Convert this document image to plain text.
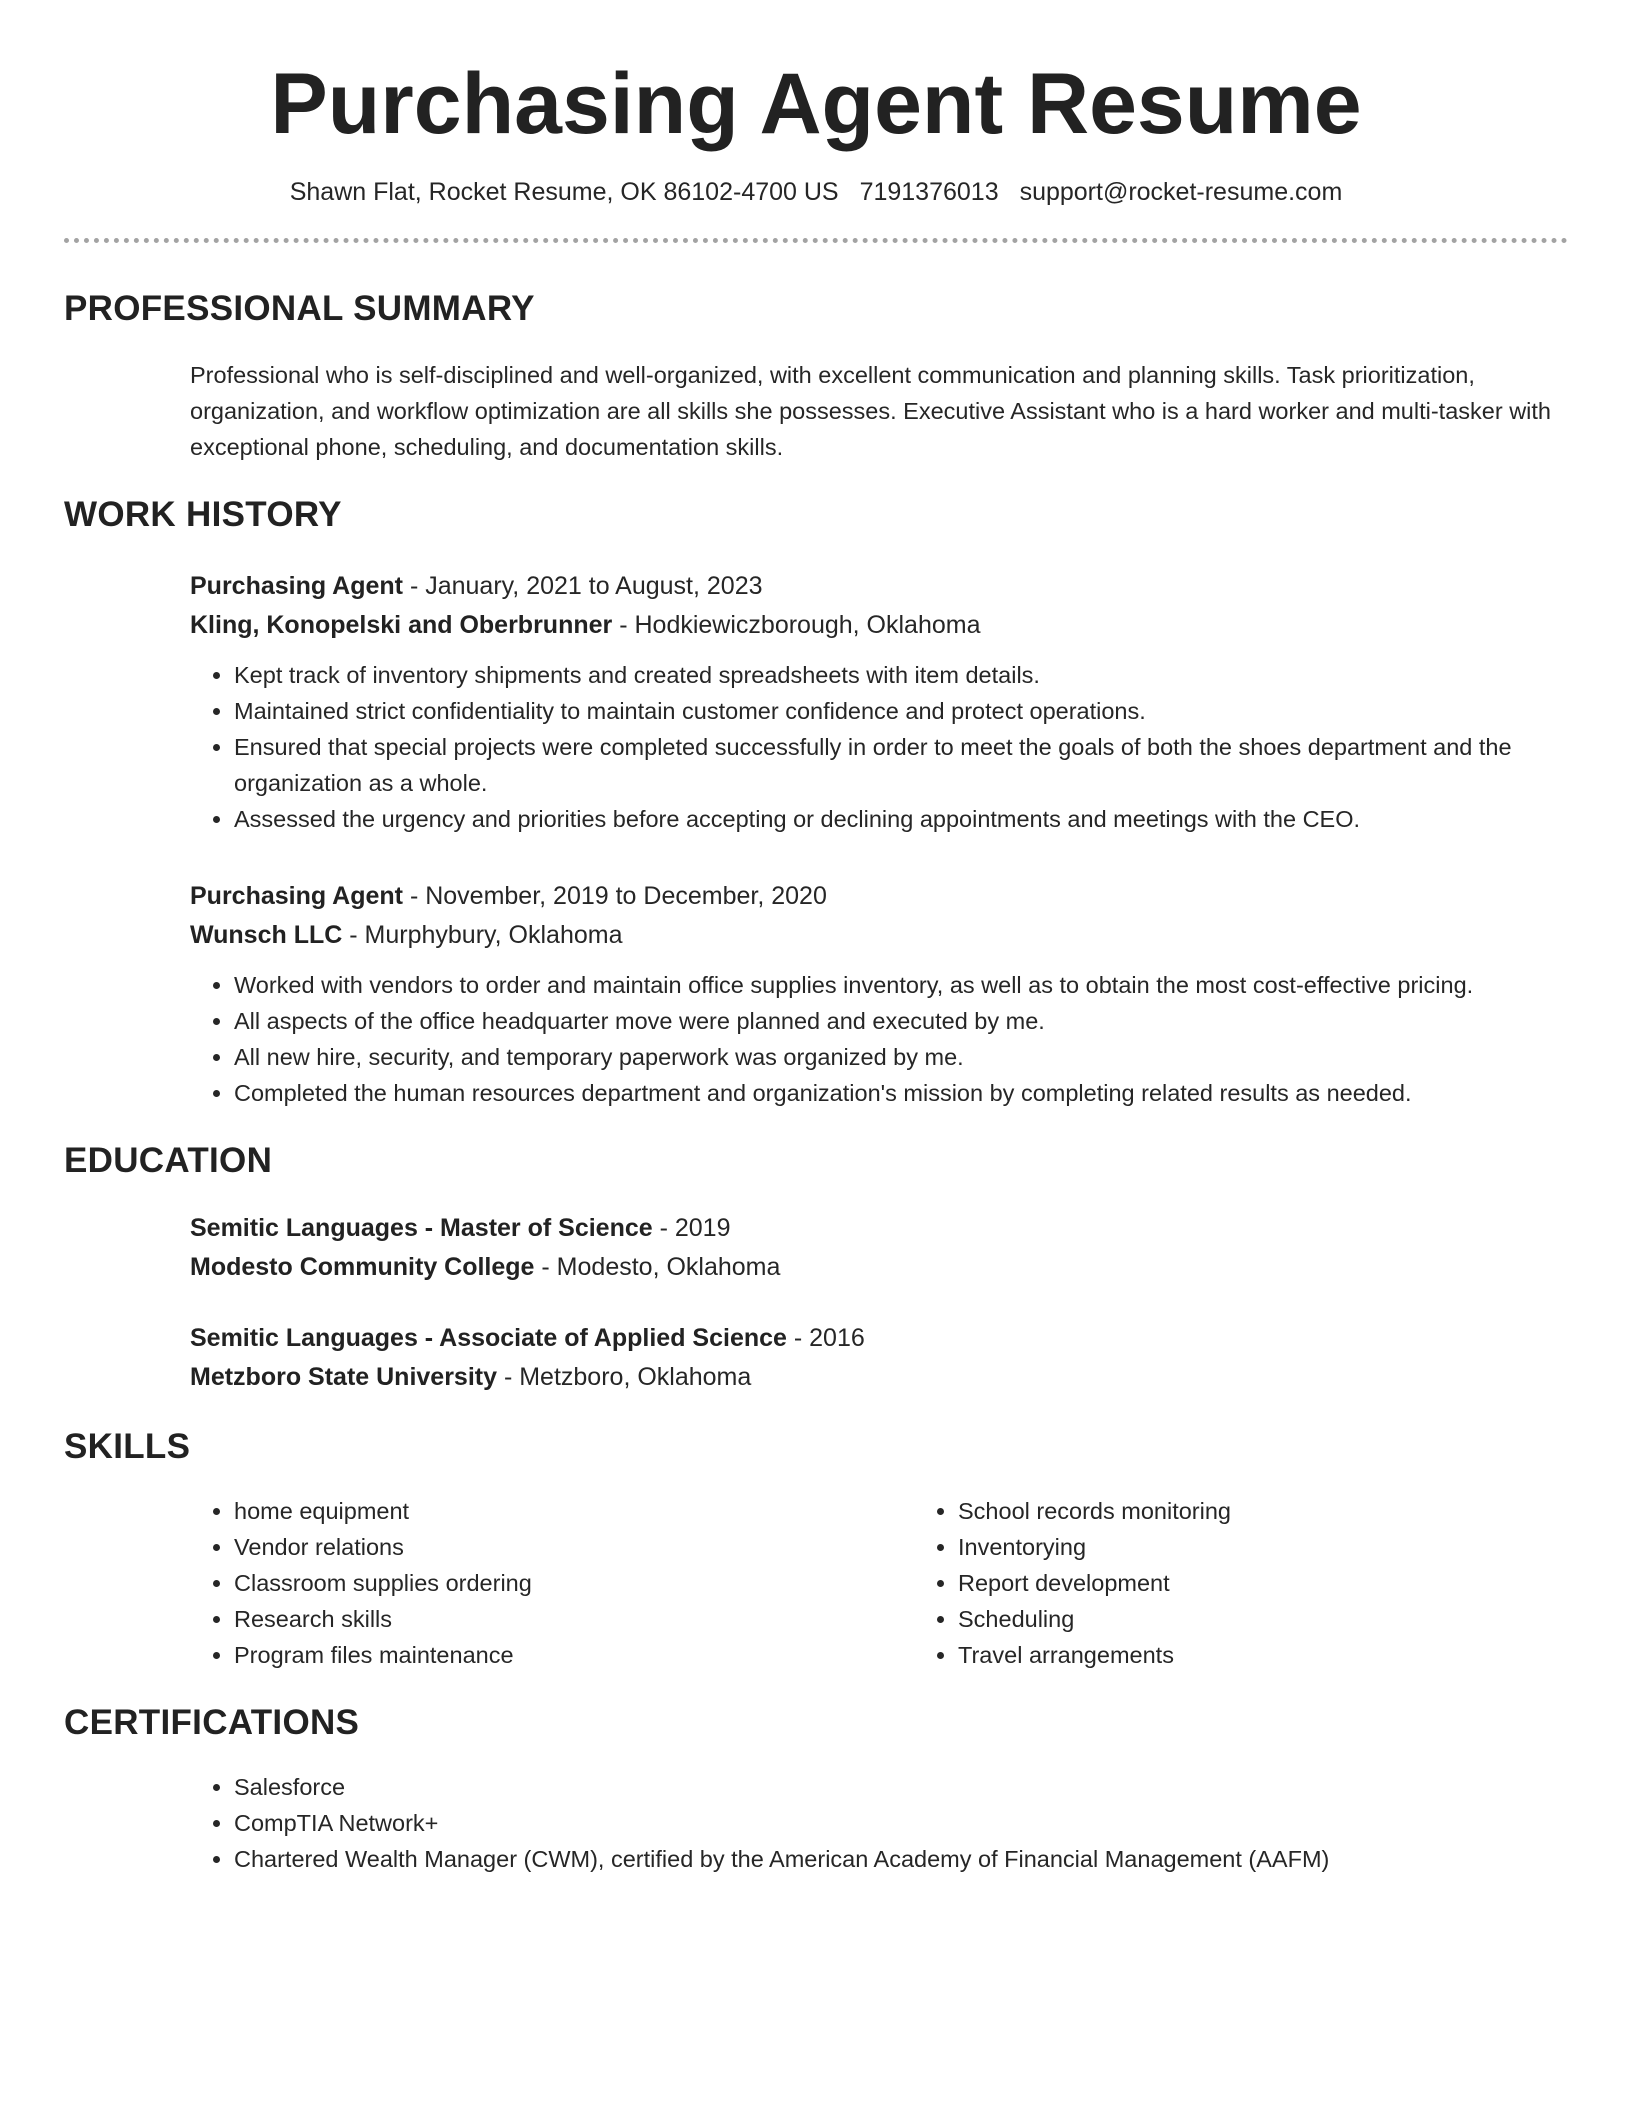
Purchasing Agent Resume
Shawn Flat, Rocket Resume, OK 86102-4700 US 7191376013 support@rocket-resume.com
PROFESSIONAL SUMMARY
Professional who is self-disciplined and well-organized, with excellent communication and planning skills. Task prioritization, organization, and workflow optimization are all skills she possesses. Executive Assistant who is a hard worker and multi-tasker with exceptional phone, scheduling, and documentation skills.
WORK HISTORY
Purchasing Agent - January, 2021 to August, 2023
Kling, Konopelski and Oberbrunner - Hodkiewiczborough, Oklahoma
• Kept track of inventory shipments and created spreadsheets with item details.
• Maintained strict confidentiality to maintain customer confidence and protect operations.
• Ensured that special projects were completed successfully in order to meet the goals of both the shoes department and the organization as a whole.
• Assessed the urgency and priorities before accepting or declining appointments and meetings with the CEO.
Purchasing Agent - November, 2019 to December, 2020
Wunsch LLC - Murphybury, Oklahoma
• Worked with vendors to order and maintain office supplies inventory, as well as to obtain the most cost-effective pricing.
• All aspects of the office headquarter move were planned and executed by me.
• All new hire, security, and temporary paperwork was organized by me.
• Completed the human resources department and organization's mission by completing related results as needed.
EDUCATION
Semitic Languages - Master of Science - 2019
Modesto Community College - Modesto, Oklahoma
Semitic Languages - Associate of Applied Science - 2016
Metzboro State University - Metzboro, Oklahoma
SKILLS
• home equipment
• Vendor relations
• Classroom supplies ordering
• Research skills
• Program files maintenance
• School records monitoring
• Inventorying
• Report development
• Scheduling
• Travel arrangements
CERTIFICATIONS
• Salesforce
• CompTIA Network+
• Chartered Wealth Manager (CWM), certified by the American Academy of Financial Management (AAFM)
